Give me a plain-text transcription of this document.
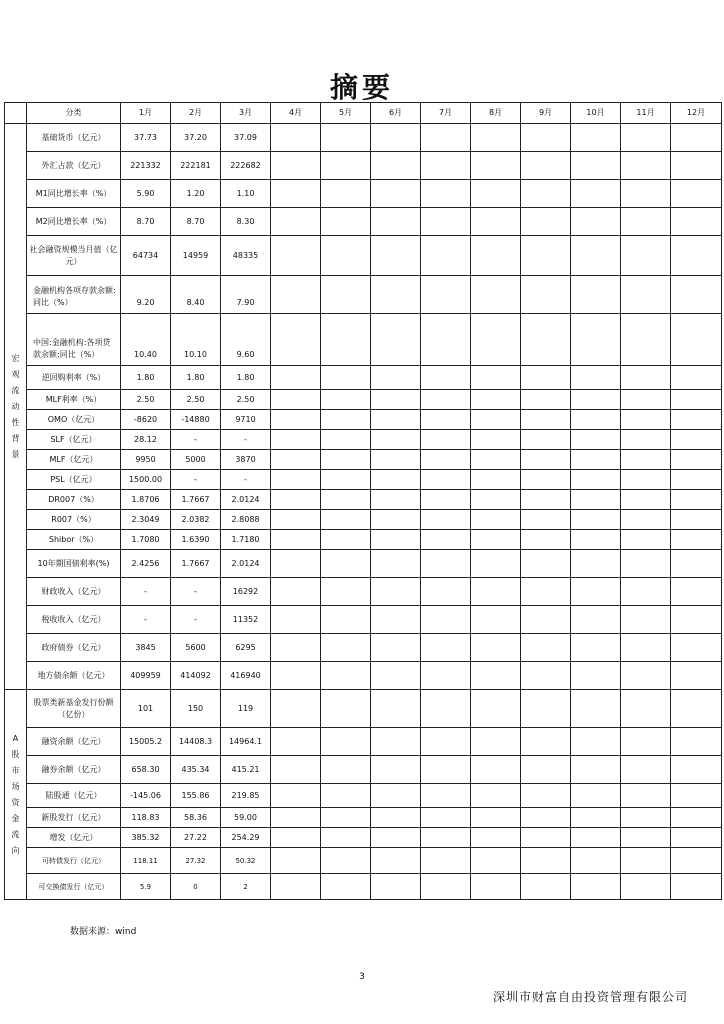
摘要
	分类	1月	2月	3月	4月	5月	6月	7月	8月	9月	10月	11月	12月
宏观流动性背景	基础货币（亿元）	37.73	37.20	37.09									
	外汇占款（亿元）	221332	222181	222682									
	M1同比增长率（%）	5.90	1.20	1.10									
	M2同比增长率（%）	8.70	8.70	8.30									
	社会融资规模当月值（亿元）	64734	14959	48335									
	金融机构各项存款余额:同比（%）	9.20	8.40	7.90									
	中国:金融机构:各项贷款余额:同比（%）	10.40	10.10	9.60									
	逆回购利率（%）	1.80	1.80	1.80									
	MLF利率（%）	2.50	2.50	2.50									
	OMO（亿元）	-8620	-14880	9710									
	SLF（亿元）	28.12	-	-									
	MLF（亿元）	9950	5000	3870									
	PSL（亿元）	1500.00	-	-									
	DR007（%）	1.8706	1.7667	2.0124									
	R007（%）	2.3049	2.0382	2.8088									
	Shibor（%）	1.7080	1.6390	1.7180									
	10年期国债利率(%)	2.4256	1.7667	2.0124									
	财政收入（亿元）	-	-	16292									
	税收收入（亿元）	-	-	11352									
	政府债券（亿元）	3845	5600	6295									
	地方债余额（亿元）	409959	414092	416940									
A股市场资金流向	股票类新基金发行份额（亿份）	101	150	119									
	融资余额（亿元）	15005.2	14408.3	14964.1									
	融券余额（亿元）	658.30	435.34	415.21									
	陆股通（亿元）	-145.06	155.86	219.85									
	新股发行（亿元）	118.83	58.36	59.00									
	增发（亿元）	385.32	27.22	254.29									
	可转债发行（亿元）	118.11	27.32	50.32									
	可交换债发行（亿元）	5.9	0	2									
数据来源：wind
3
深圳市财富自由投资管理有限公司
